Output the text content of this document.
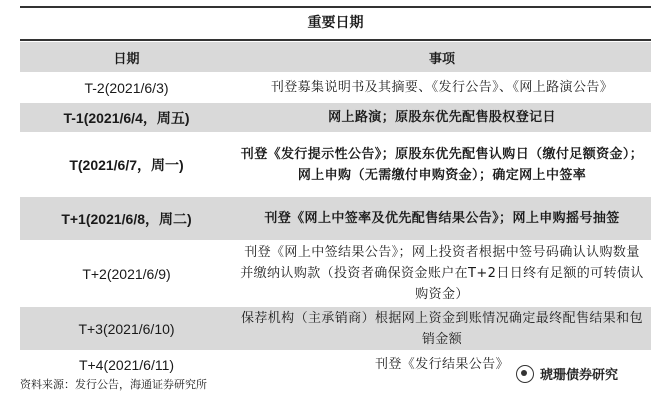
重要日期
日期	事项
T-2(2021/6/3)	刊登募集说明书及其摘要、《发行公告》、《网上路演公告》
T-1(2021/6/4，周五)	网上路演；原股东优先配售股权登记日
T(2021/6/7，周一)	刊登《发行提示性公告》；原股东优先配售认购日（缴付足额资金）；网上申购（无需缴付申购资金）；确定网上中签率
T+1(2021/6/8，周二)	刊登《网上中签率及优先配售结果公告》；网上申购摇号抽签
T+2(2021/6/9)	刊登《网上中签结果公告》；网上投资者根据中签号码确认认购数量并缴纳认购款（投资者确保资金账户在T+2日日终有足额的可转债认购资金）
T+3(2021/6/10)	保荐机构（主承销商）根据网上资金到账情况确定最终配售结果和包销金额
T+4(2021/6/11)	刊登《发行结果公告》
资料来源：发行公告，海通证券研究所
琥珊债券研究
